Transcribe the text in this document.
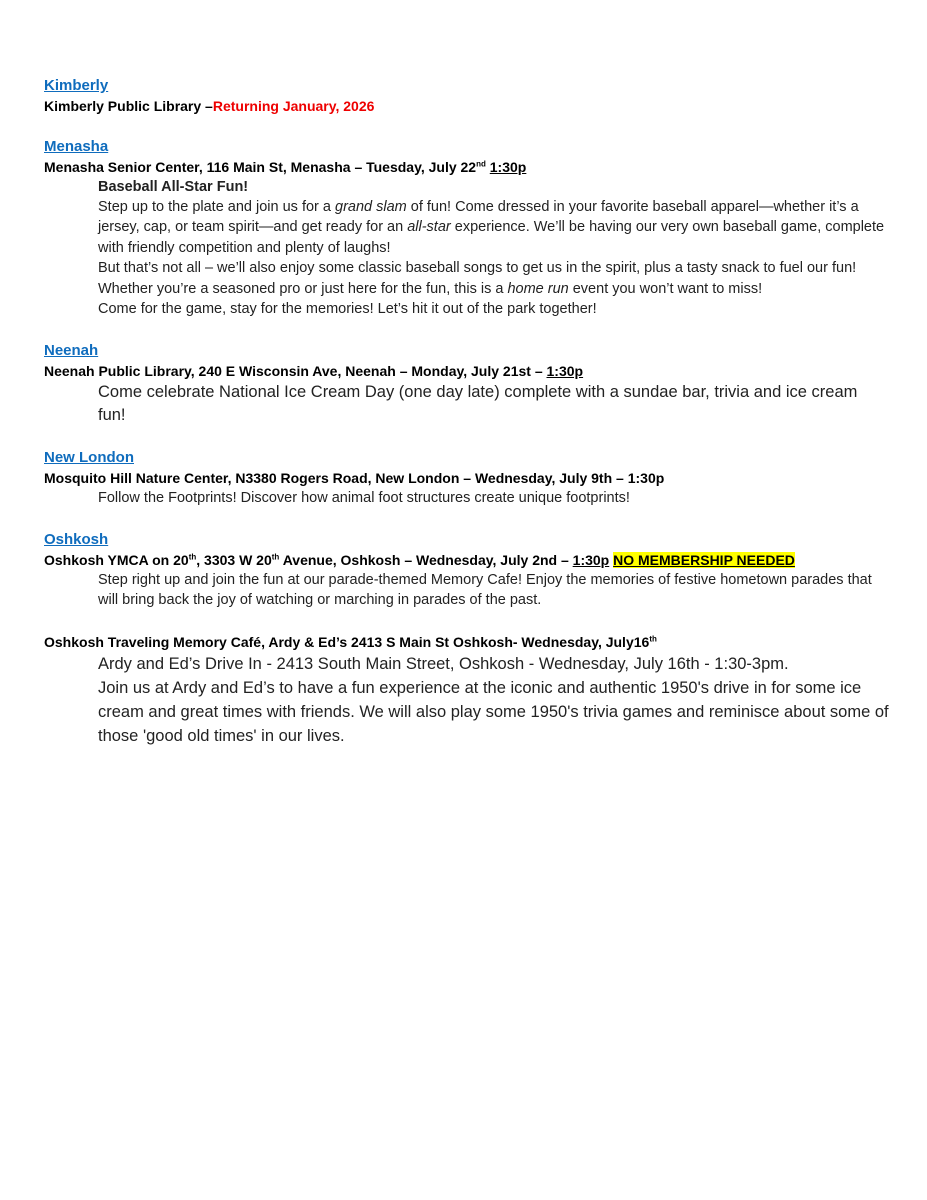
Kimberly
Kimberly Public Library –Returning January, 2026
Menasha
Menasha Senior Center, 116 Main St, Menasha – Tuesday, July 22nd 1:30p
Baseball All-Star Fun!

Step up to the plate and join us for a grand slam of fun! Come dressed in your favorite baseball apparel—whether it’s a jersey, cap, or team spirit—and get ready for an all-star experience. We’ll be having our very own baseball game, complete with friendly competition and plenty of laughs!

But that’s not all – we’ll also enjoy some classic baseball songs to get us in the spirit, plus a tasty snack to fuel our fun!

Whether you’re a seasoned pro or just here for the fun, this is a home run event you won’t want to miss!

Come for the game, stay for the memories! Let’s hit it out of the park together!

Neenah
Neenah Public Library, 240 E Wisconsin Ave, Neenah – Monday, July 21st – 1:30p
Come celebrate National Ice Cream Day (one day late) complete with a sundae bar, trivia and ice cream fun!
New London
Mosquito Hill Nature Center, N3380 Rogers Road, New London – Wednesday, July 9th – 1:30p
Follow the Footprints! Discover how animal foot structures create unique footprints!
Oshkosh
Oshkosh YMCA on 20th, 3303 W 20th Avenue, Oshkosh – Wednesday, July 2nd – 1:30p NO MEMBERSHIP NEEDED
Step right up and join the fun at our parade-themed Memory Cafe! Enjoy the memories of festive hometown parades that will bring back the joy of watching or marching in parades of the past.
Oshkosh Traveling Memory Café, Ardy & Ed’s 2413 S Main St Oshkosh- Wednesday, July16th

Ardy and Ed’s Drive In - 2413 South Main Street, Oshkosh - Wednesday, July 16th - 1:30-3pm.

Join us at Ardy and Ed’s to have a fun experience at the iconic and authentic 1950's drive in for some ice cream and great times with friends. We will also play some 1950's trivia games and reminisce about some of those 'good old times' in our lives.
